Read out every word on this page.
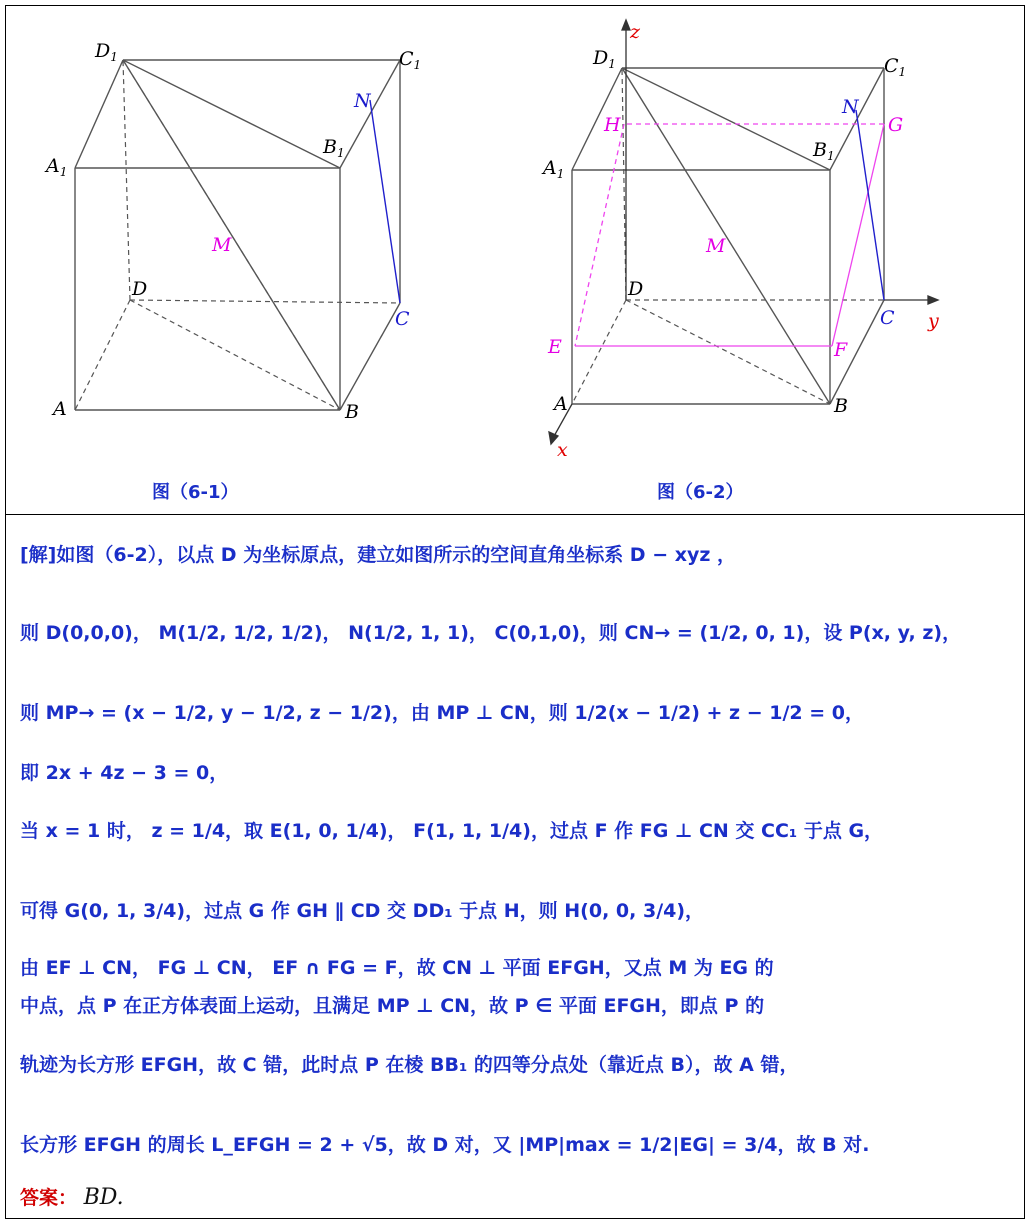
$D_1$	$C_1$
$A_1$
$B_1$
N
M
D
C
A	B
图（6-1）
$D_1$	$C_1$
$A_1$
$B_1$
N
H	G
M
D
C y
z
E	F
A	B
x
图（6-2）
[解]如图（6-2），以点 D 为坐标原点，建立如图所示的空间直角坐标系 D − xyz ，
则 D(0,0,0)， M(1/2, 1/2, 1/2)， N(1/2, 1, 1)， C(0,1,0)，则 CN→ = (1/2, 0, 1)，设 P(x, y, z)，
则 MP→ = (x − 1/2, y − 1/2, z − 1/2)，由 MP ⊥ CN，则 1/2(x − 1/2) + z − 1/2 = 0，
即 2x + 4z − 3 = 0，
当 x = 1 时， z = 1/4，取 E(1, 0, 1/4)， F(1, 1, 1/4)，过点 F 作 FG ⊥ CN 交 CC₁ 于点 G，
可得 G(0, 1, 3/4)，过点 G 作 GH ∥ CD 交 DD₁ 于点 H，则 H(0, 0, 3/4)，
由 EF ⊥ CN， FG ⊥ CN， EF ∩ FG = F，故 CN ⊥ 平面 EFGH，又点 M 为 EG 的
中点，点 P 在正方体表面上运动，且满足 MP ⊥ CN，故 P ∈ 平面 EFGH，即点 P 的
轨迹为长方形 EFGH，故 C 错，此时点 P 在棱 BB₁ 的四等分点处（靠近点 B），故 A 错，
长方形 EFGH 的周长 L_EFGH = 2 + √5，故 D 对，又 |MP|max = 1/2|EG| = 3/4，故 B 对.
答案： BD.
